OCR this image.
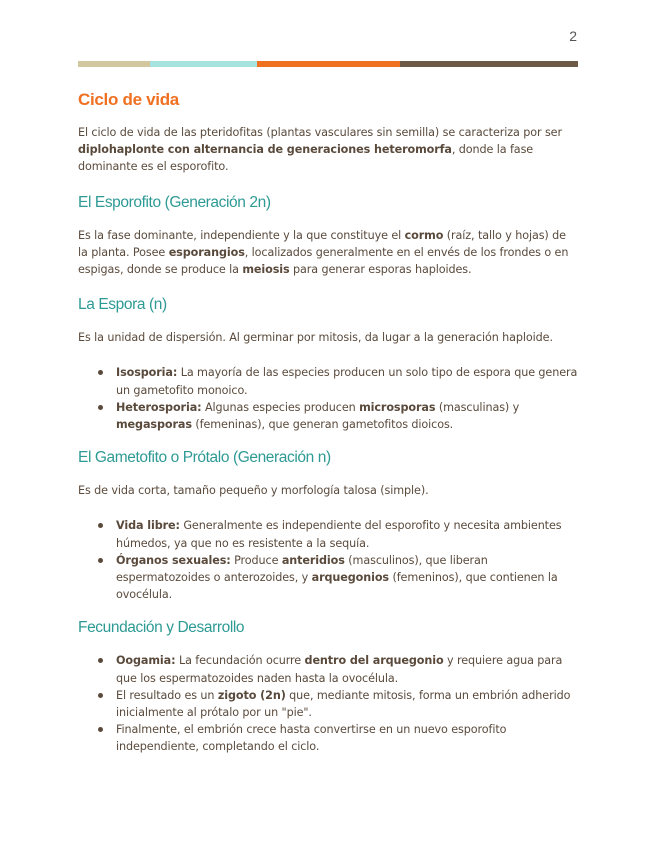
2
Ciclo de vida

El ciclo de vida de las pteridofitas (plantas vasculares sin semilla) se caracteriza por ser diplohaplonte con alternancia de generaciones heteromorfa, donde la fase dominante es el esporofito.

El Esporofito (Generación 2n)

Es la fase dominante, independiente y la que constituye el cormo (raíz, tallo y hojas) de la planta. Posee esporangios, localizados generalmente en el envés de los frondes o en espigas, donde se produce la meiosis para generar esporas haploides.

La Espora (n)

Es la unidad de dispersión. Al germinar por mitosis, da lugar a la generación haploide.

Isosporia: La mayoría de las especies producen un solo tipo de espora que genera un gametofito monoico.
Heterosporia: Algunas especies producen microsporas (masculinas) y megasporas (femeninas), que generan gametofitos dioicos.
El Gametofito o Prótalo (Generación n)

Es de vida corta, tamaño pequeño y morfología talosa (simple).

Vida libre: Generalmente es independiente del esporofito y necesita ambientes húmedos, ya que no es resistente a la sequía.
Órganos sexuales: Produce anteridios (masculinos), que liberan espermatozoides o anterozoides, y arquegonios (femeninos), que contienen la ovocélula.
Fecundación y Desarrollo
Oogamia: La fecundación ocurre dentro del arquegonio y requiere agua para que los espermatozoides naden hasta la ovocélula.
El resultado es un zigoto (2n) que, mediante mitosis, forma un embrión adherido inicialmente al prótalo por un "pie".
Finalmente, el embrión crece hasta convertirse en un nuevo esporofito independiente, completando el ciclo.
